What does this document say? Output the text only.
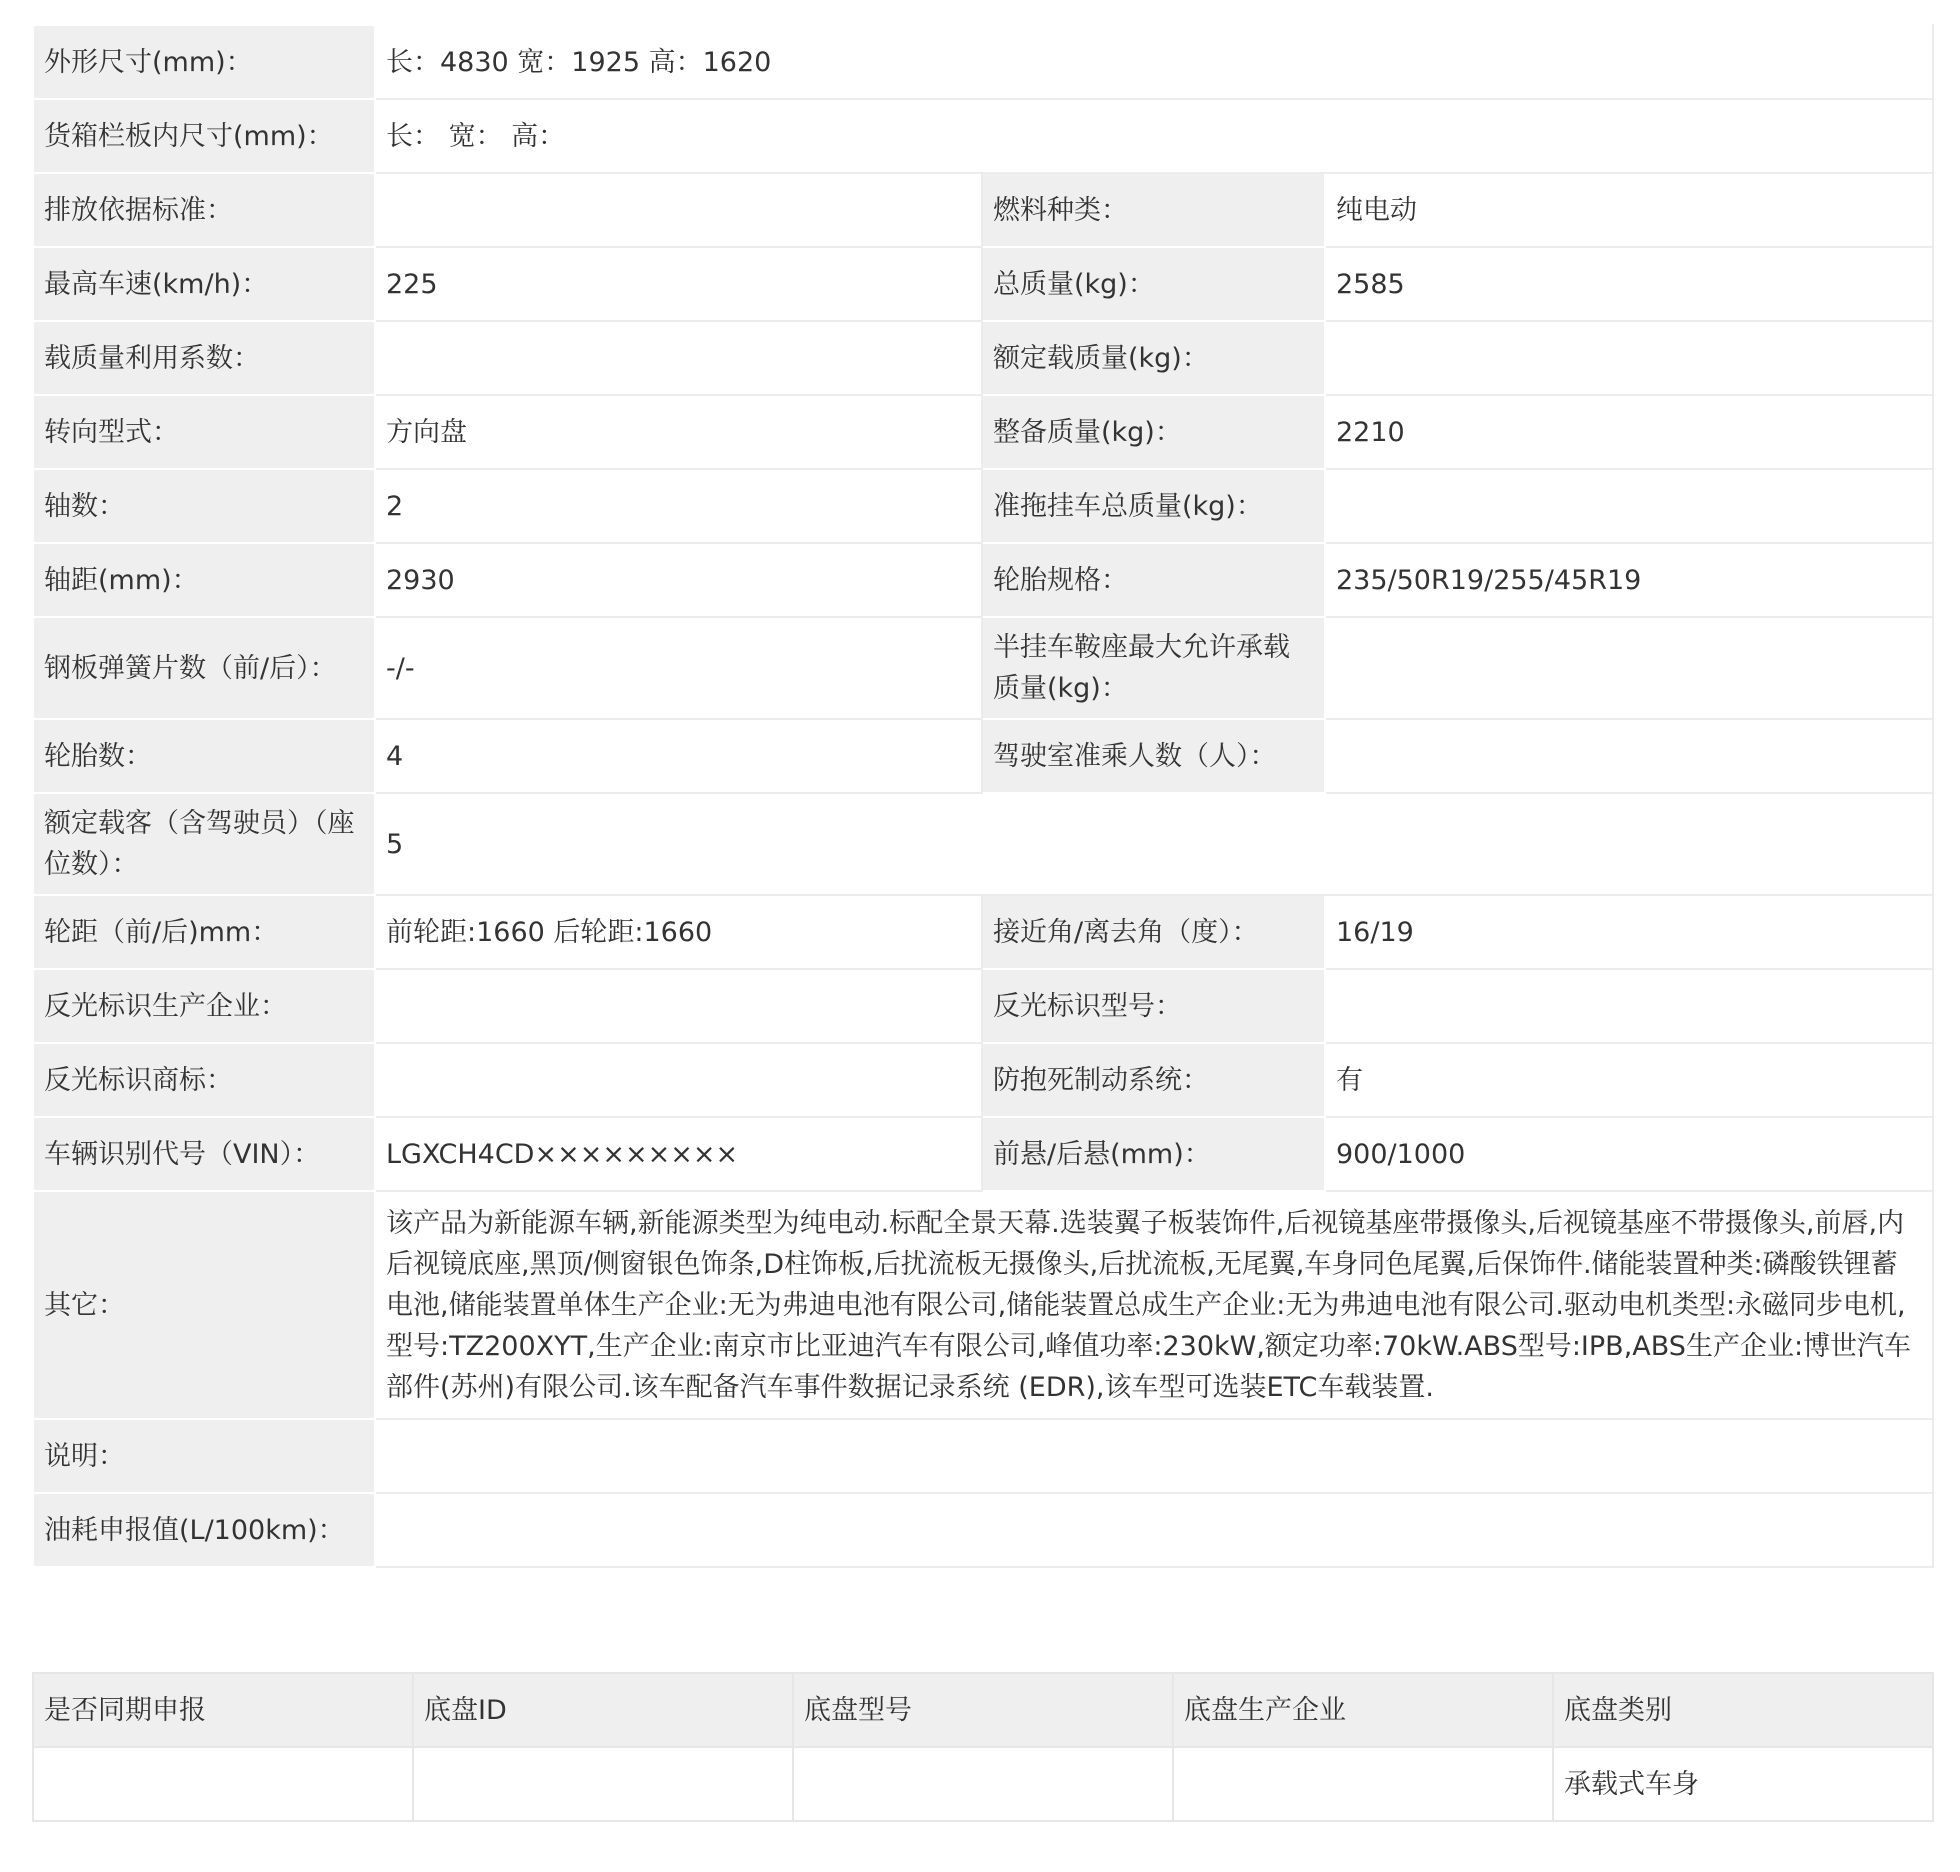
外形尺寸(mm)：	长：4830 宽：1925 高：1620		
货箱栏板内尺寸(mm)：	长： 宽： 高：		
排放依据标准：		燃料种类：	纯电动
最高车速(km/h)：	225	总质量(kg)：	2585
载质量利用系数：		额定载质量(kg)：	
转向型式：	方向盘	整备质量(kg)：	2210
轴数：	2	准拖挂车总质量(kg)：	
轴距(mm)：	2930	轮胎规格：	235/50R19/255/45R19
钢板弹簧片数（前/后）：	-/-	半挂车鞍座最大允许承载质量(kg)：	
轮胎数：	4	驾驶室准乘人数（人）：	
额定载客（含驾驶员）（座位数）：	5		
轮距（前/后)mm：	前轮距:1660 后轮距:1660	接近角/离去角（度）：	16/19
反光标识生产企业：		反光标识型号：	
反光标识商标：		防抱死制动系统：	有
车辆识别代号（VIN）：	LGXCH4CD×××××××××	前悬/后悬(mm)：	900/1000
其它：	该产品为新能源车辆,新能源类型为纯电动.标配全景天幕.选装翼子板装饰件,后视镜基座带摄像头,后视镜基座不带摄像头,前唇,内后视镜底座,黑顶/侧窗银色饰条,D柱饰板,后扰流板无摄像头,后扰流板,无尾翼,车身同色尾翼,后保饰件.储能装置种类:磷酸铁锂蓄电池,储能装置单体生产企业:无为弗迪电池有限公司,储能装置总成生产企业:无为弗迪电池有限公司.驱动电机类型:永磁同步电机,型号:TZ200XYT,生产企业:南京市比亚迪汽车有限公司,峰值功率:230kW,额定功率:70kW.ABS型号:IPB,ABS生产企业:博世汽车部件(苏州)有限公司.该车配备汽车事件数据记录系统 (EDR),该车型可选装ETC车载装置.		
说明：			
油耗申报值(L/100km)：			
是否同期申报	底盘ID	底盘型号	底盘生产企业	底盘类别
				承载式车身
